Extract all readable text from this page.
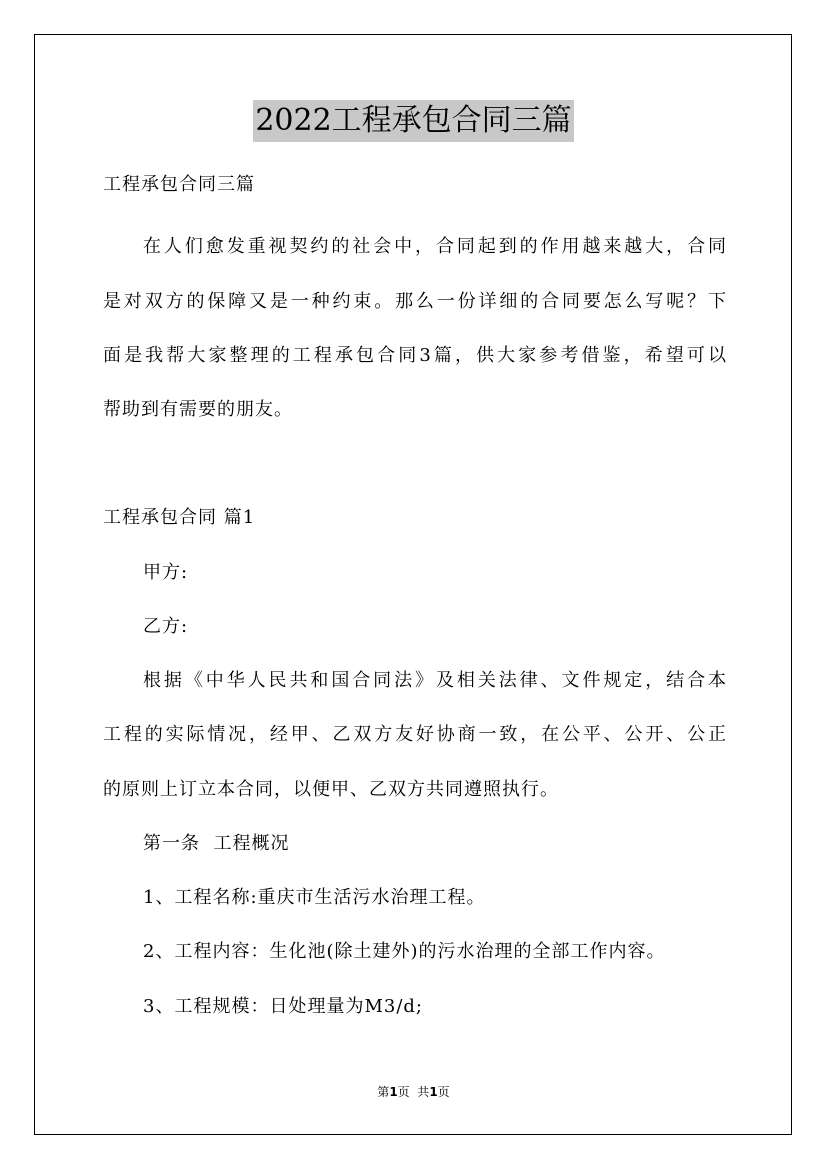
2022工程承包合同三篇
工程承包合同三篇
在人们愈发重视契约的社会中，合同起到的作用越来越大，合同
是对双方的保障又是一种约束。那么一份详细的合同要怎么写呢？下
面是我帮大家整理的工程承包合同3篇，供大家参考借鉴，希望可以
帮助到有需要的朋友。
工程承包合同 篇1
甲方:
乙方:
根据《中华人民共和国合同法》及相关法律、文件规定，结合本
工程的实际情况，经甲、乙双方友好协商一致，在公平、公开、公正
的原则上订立本合同，以便甲、乙双方共同遵照执行。
第一条  工程概况
1、工程名称:重庆市生活污水治理工程。
2、工程内容：生化池(除土建外)的污水治理的全部工作内容。
3、工程规模：日处理量为M3/d;
第1页  共1页
